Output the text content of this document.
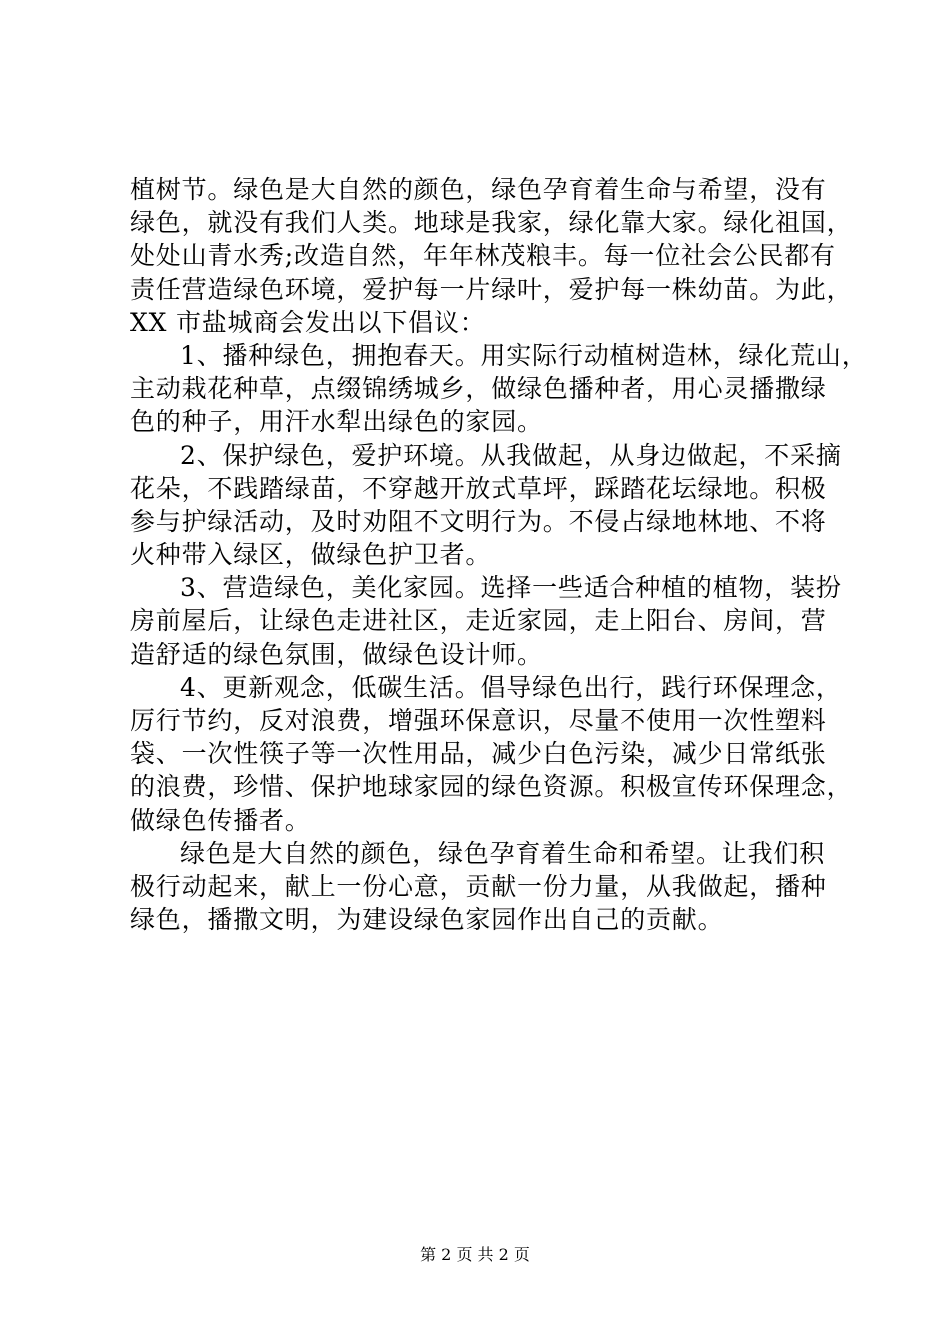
植树节。绿色是大自然的颜色，绿色孕育着生命与希望，没有
绿色，就没有我们人类。地球是我家，绿化靠大家。绿化祖国，
处处山青水秀;改造自然，年年林茂粮丰。每一位社会公民都有
责任营造绿色环境，爱护每一片绿叶，爱护每一株幼苗。为此，
XX 市盐城商会发出以下倡议：
1、播种绿色，拥抱春天。用实际行动植树造林，绿化荒山，
主动栽花种草，点缀锦绣城乡，做绿色播种者，用心灵播撒绿
色的种子，用汗水犁出绿色的家园。
2、保护绿色，爱护环境。从我做起，从身边做起，不采摘
花朵，不践踏绿苗，不穿越开放式草坪，踩踏花坛绿地。积极
参与护绿活动，及时劝阻不文明行为。不侵占绿地林地、不将
火种带入绿区，做绿色护卫者。
3、营造绿色，美化家园。选择一些适合种植的植物，装扮
房前屋后，让绿色走进社区，走近家园，走上阳台、房间，营
造舒适的绿色氛围，做绿色设计师。
4、更新观念，低碳生活。倡导绿色出行，践行环保理念，
厉行节约，反对浪费，增强环保意识，尽量不使用一次性塑料
袋、一次性筷子等一次性用品，减少白色污染，减少日常纸张
的浪费，珍惜、保护地球家园的绿色资源。积极宣传环保理念，
做绿色传播者。
绿色是大自然的颜色，绿色孕育着生命和希望。让我们积
极行动起来，献上一份心意，贡献一份力量，从我做起，播种
绿色，播撒文明，为建设绿色家园作出自己的贡献。
第 2 页 共 2 页
